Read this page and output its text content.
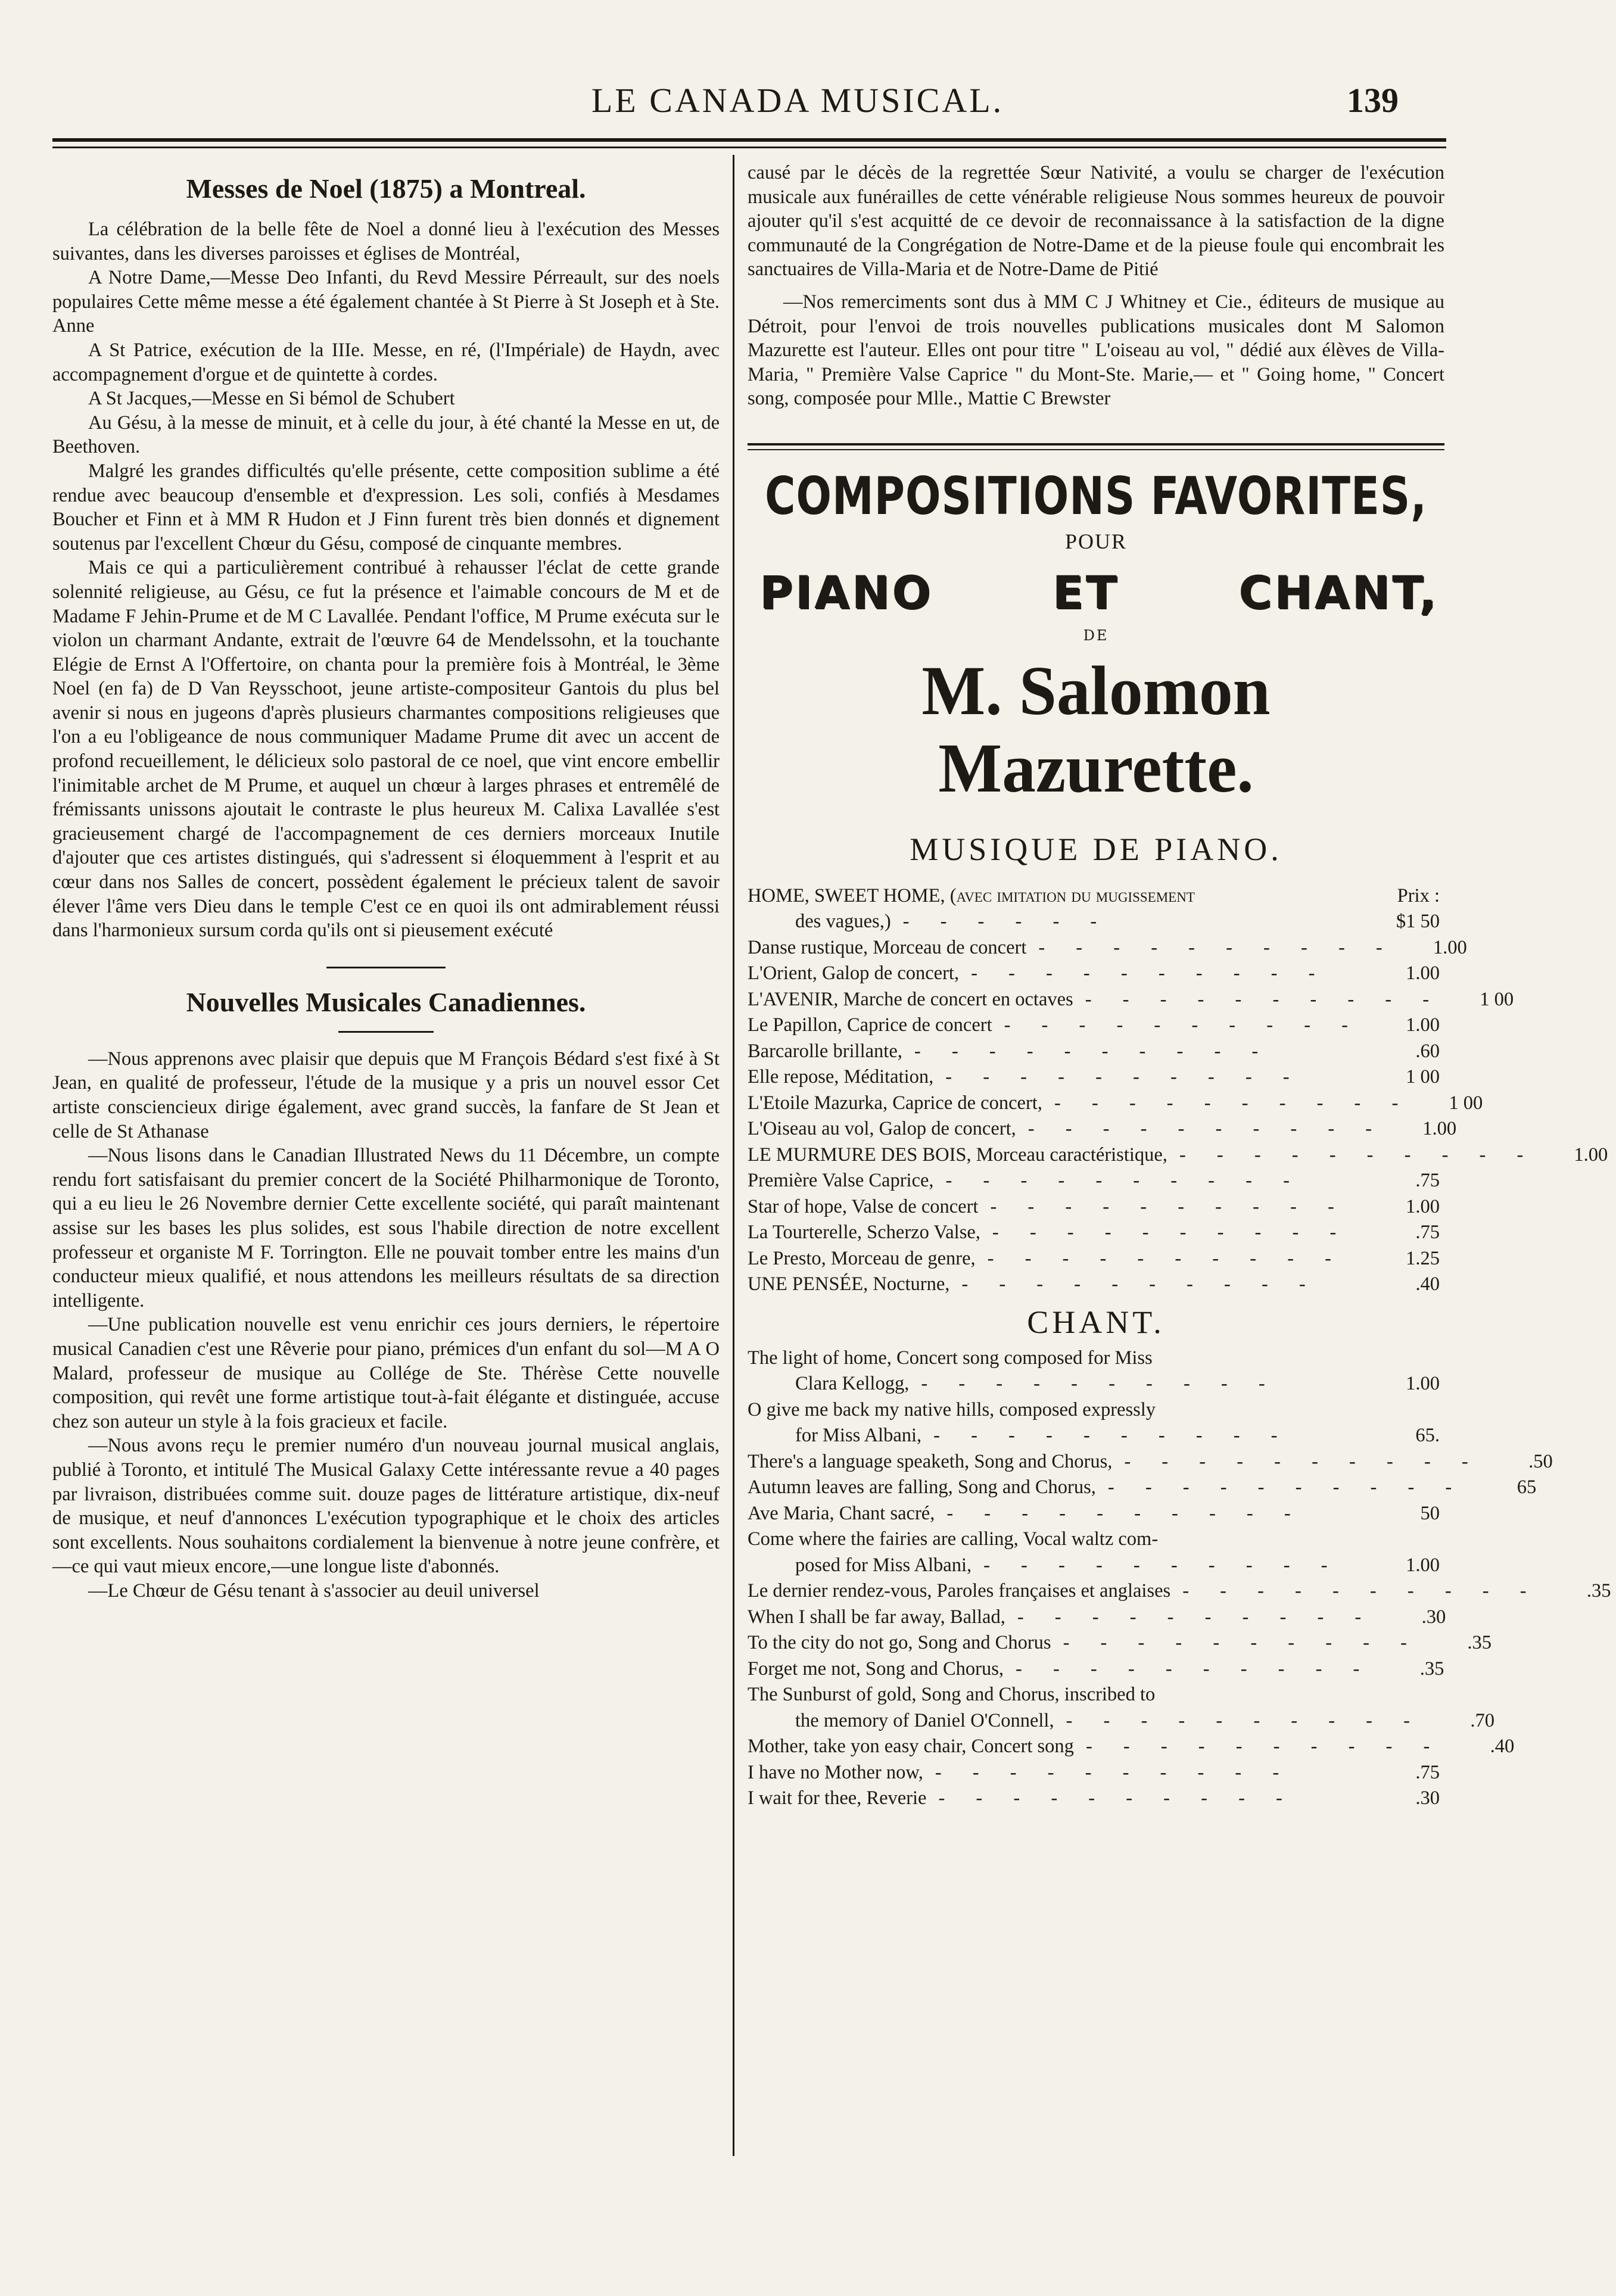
LE CANADA MUSICAL.	139
Messes de Noel (1875) a Montreal.

La célébration de la belle fête de Noel a donné lieu à l'exécution des Messes suivantes, dans les diverses paroisses et églises de Montréal,

A Notre Dame,—Messe Deo Infanti, du Revd Messire Pérreault, sur des noels populaires Cette même messe a été également chantée à St Pierre à St Joseph et à Ste. Anne

A St Patrice, exécution de la IIIe. Messe, en ré, (l'Impériale) de Haydn, avec accompagnement d'orgue et de quintette à cordes.

A St Jacques,—Messe en Si bémol de Schubert

Au Gésu, à la messe de minuit, et à celle du jour, à été chanté la Messe en ut, de Beethoven.

Malgré les grandes difficultés qu'elle présente, cette composition sublime a été rendue avec beaucoup d'ensemble et d'expression. Les soli, confiés à Mesdames Boucher et Finn et à MM R Hudon et J Finn furent très bien donnés et dignement soutenus par l'excellent Chœur du Gésu, composé de cinquante membres.

Mais ce qui a particulièrement contribué à rehausser l'éclat de cette grande solennité religieuse, au Gésu, ce fut la présence et l'aimable concours de M et de Madame F Jehin-Prume et de M C Lavallée. Pendant l'office, M Prume exécuta sur le violon un charmant Andante, extrait de l'œuvre 64 de Mendelssohn, et la touchante Elégie de Ernst A l'Offertoire, on chanta pour la première fois à Montréal, le 3ème Noel (en fa) de D Van Reysschoot, jeune artiste-compositeur Gantois du plus bel avenir si nous en jugeons d'après plusieurs charmantes compositions religieuses que l'on a eu l'obligeance de nous communiquer Madame Prume dit avec un accent de profond recueillement, le délicieux solo pastoral de ce noel, que vint encore embellir l'inimitable archet de M Prume, et auquel un chœur à larges phrases et entremêlé de frémissants unissons ajoutait le contraste le plus heureux M. Calixa Lavallée s'est gracieusement chargé de l'accompagnement de ces derniers morceaux Inutile d'ajouter que ces artistes distingués, qui s'adressent si éloquemment à l'esprit et au cœur dans nos Salles de concert, possèdent également le précieux talent de savoir élever l'âme vers Dieu dans le temple C'est ce en quoi ils ont admirablement réussi dans l'harmonieux sursum corda qu'ils ont si pieusement exécuté

Nouvelles Musicales Canadiennes.

—Nous apprenons avec plaisir que depuis que M François Bédard s'est fixé à St Jean, en qualité de professeur, l'étude de la musique y a pris un nouvel essor Cet artiste consciencieux dirige également, avec grand succès, la fanfare de St Jean et celle de St Athanase

—Nous lisons dans le Canadian Illustrated News du 11 Décembre, un compte rendu fort satisfaisant du premier concert de la Société Philharmonique de Toronto, qui a eu lieu le 26 Novembre dernier Cette excellente société, qui paraît maintenant assise sur les bases les plus solides, est sous l'habile direction de notre excellent professeur et organiste M F. Torrington. Elle ne pouvait tomber entre les mains d'un conducteur mieux qualifié, et nous attendons les meilleurs résultats de sa direction intelligente.

—Une publication nouvelle est venu enrichir ces jours derniers, le répertoire musical Canadien c'est une Rêverie pour piano, prémices d'un enfant du sol—M A O Malard, professeur de musique au Collége de Ste. Thérèse Cette nouvelle composition, qui revêt une forme artistique tout-à-fait élégante et distinguée, accuse chez son auteur un style à la fois gracieux et facile.

—Nous avons reçu le premier numéro d'un nouveau journal musical anglais, publié à Toronto, et intitulé The Musical Galaxy Cette intéressante revue a 40 pages par livraison, distribuées comme suit. douze pages de littérature artistique, dix-neuf de musique, et neuf d'annonces L'exécution typographique et le choix des articles sont excellents. Nous souhaitons cordialement la bienvenue à notre jeune confrère, et—ce qui vaut mieux encore,—une longue liste d'abonnés.

—Le Chœur de Gésu tenant à s'associer au deuil universel

causé par le décès de la regrettée Sœur Nativité, a voulu se charger de l'exécution musicale aux funérailles de cette vénérable religieuse Nous sommes heureux de pouvoir ajouter qu'il s'est acquitté de ce devoir de reconnaissance à la satisfaction de la digne communauté de la Congrégation de Notre-Dame et de la pieuse foule qui encombrait les sanctuaires de Villa-Maria et de Notre-Dame de Pitié

—Nos remerciments sont dus à MM C J Whitney et Cie., éditeurs de musique au Détroit, pour l'envoi de trois nouvelles publications musicales dont M Salomon Mazurette est l'auteur. Elles ont pour titre " L'oiseau au vol, " dédié aux élèves de Villa-Maria, " Première Valse Caprice " du Mont-Ste. Marie,— et " Going home, " Concert song, composée pour Mlle., Mattie C Brewster

COMPOSITIONS FAVORITES,
POUR
PIANO	ET	CHANT,
DE
M. Salomon Mazurette.
MUSIQUE DE PIANO.
HOME, SWEET HOME, (avec imitation du mugissement	Prix :
des vagues,) - - - - - -	$1 50
Danse rustique, Morceau de concert - - - - - - - - - -	1.00
L'Orient, Galop de concert, - - - - - - - - - -	1.00
L'AVENIR, Marche de concert en octaves - - - - - - - - - -	1 00
Le Papillon, Caprice de concert - - - - - - - - - -	1.00
Barcarolle brillante, - - - - - - - - - -	.60
Elle repose, Méditation, - - - - - - - - - -	1 00
L'Etoile Mazurka, Caprice de concert, - - - - - - - - - -	1 00
L'Oiseau au vol, Galop de concert, - - - - - - - - - -	1.00
LE MURMURE DES BOIS, Morceau caractéristique, - - - - - - - - - -	1.00
Première Valse Caprice, - - - - - - - - - -	.75
Star of hope, Valse de concert - - - - - - - - - -	1.00
La Tourterelle, Scherzo Valse, - - - - - - - - - -	.75
Le Presto, Morceau de genre, - - - - - - - - - -	1.25
UNE PENSÉE, Nocturne, - - - - - - - - - -	.40
CHANT.
The light of home, Concert song composed for Miss
Clara Kellogg, - - - - - - - - - -	1.00
O give me back my native hills, composed expressly
for Miss Albani, - - - - - - - - - -	65.
There's a language speaketh, Song and Chorus, - - - - - - - - - -	.50
Autumn leaves are falling, Song and Chorus, - - - - - - - - - -	65
Ave Maria, Chant sacré, - - - - - - - - - -	50
Come where the fairies are calling, Vocal waltz com-
posed for Miss Albani, - - - - - - - - - -	1.00
Le dernier rendez-vous, Paroles françaises et anglaises - - - - - - - - - -	.35
When I shall be far away, Ballad, - - - - - - - - - -	.30
To the city do not go, Song and Chorus - - - - - - - - - -	.35
Forget me not, Song and Chorus, - - - - - - - - - -	.35
The Sunburst of gold, Song and Chorus, inscribed to
the memory of Daniel O'Connell, - - - - - - - - - -	.70
Mother, take yon easy chair, Concert song - - - - - - - - - -	.40
I have no Mother now, - - - - - - - - - -	.75
I wait for thee, Reverie - - - - - - - - - -	.30
